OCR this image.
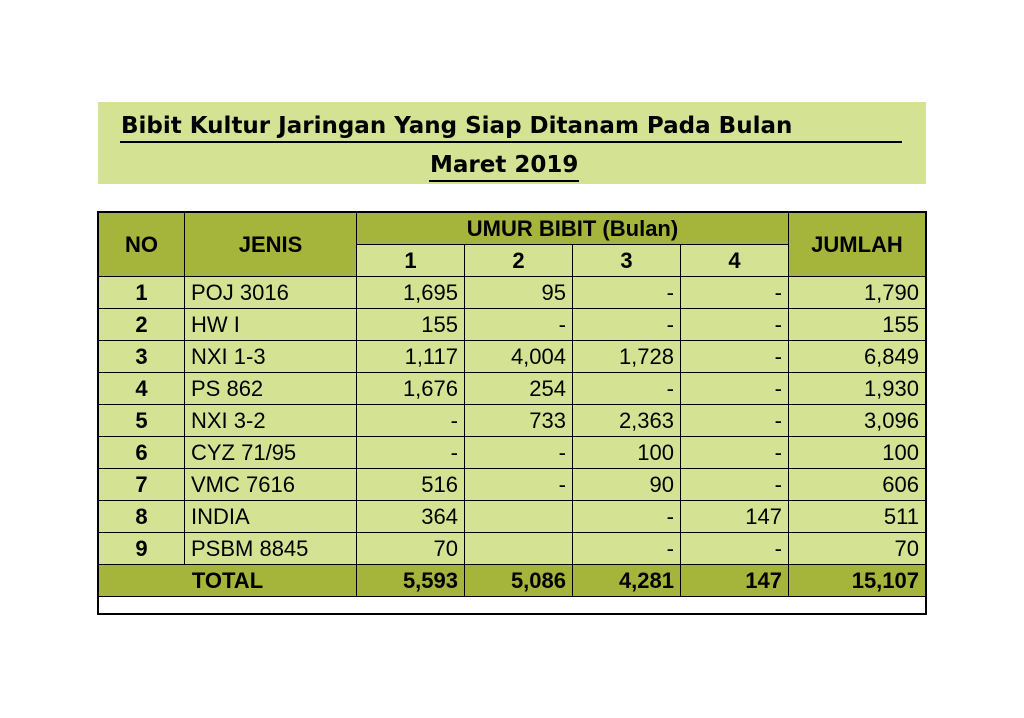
Bibit Kultur Jaringan Yang Siap Ditanam Pada Bulan
Maret 2019
NO	JENIS	UMUR BIBIT (Bulan)				JUMLAH
		1	2	3	4	
1	POJ 3016	1,695	95	-	-	1,790
2	HW I	155	-	-	-	155
3	NXI 1-3	1,117	4,004	1,728	-	6,849
4	PS 862	1,676	254	-	-	1,930
5	NXI 3-2	-	733	2,363	-	3,096
6	CYZ 71/95	-	-	100	-	100
7	VMC 7616	516	-	90	-	606
8	INDIA	364		-	147	511
9	PSBM 8845	70		-	-	70
TOTAL		5,593	5,086	4,281	147	15,107
